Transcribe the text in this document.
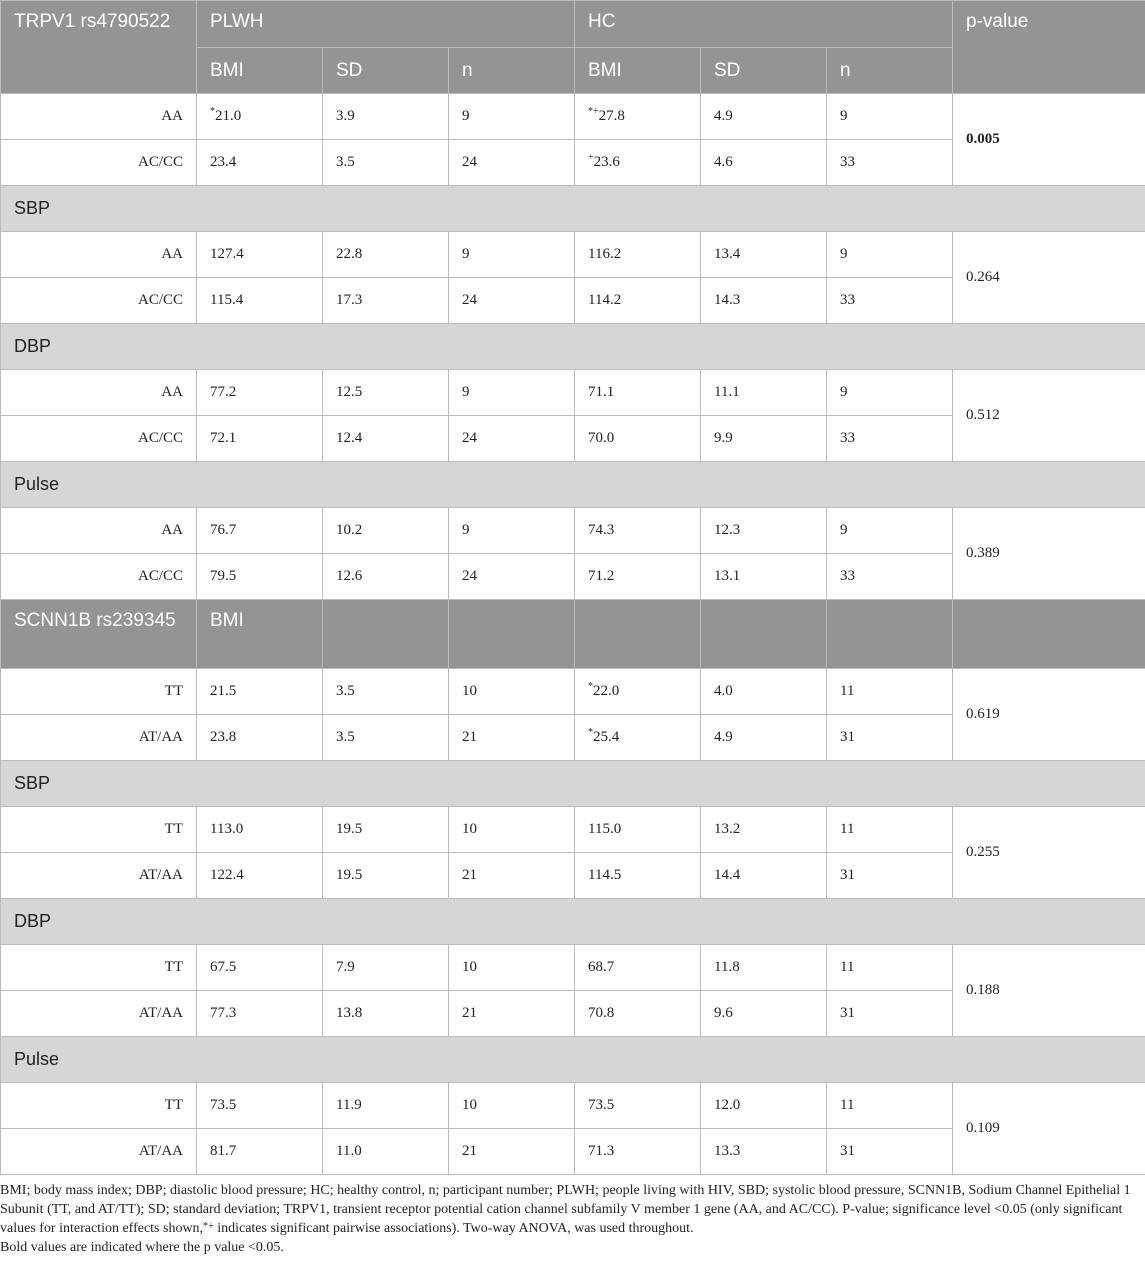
TRPV1 rs4790522	PLWH			HC			p-value
	BMI	SD	n	BMI	SD	n	
AA	*21.0	3.9	9	*+27.8	4.9	9	0.005
AC/CC	23.4	3.5	24	+23.6	4.6	33	
SBP							
AA	127.4	22.8	9	116.2	13.4	9	0.264
AC/CC	115.4	17.3	24	114.2	14.3	33	
DBP							
AA	77.2	12.5	9	71.1	11.1	9	0.512
AC/CC	72.1	12.4	24	70.0	9.9	33	
Pulse							
AA	76.7	10.2	9	74.3	12.3	9	0.389
AC/CC	79.5	12.6	24	71.2	13.1	33	
SCNN1B rs239345	BMI						
TT	21.5	3.5	10	*22.0	4.0	11	0.619
AT/AA	23.8	3.5	21	*25.4	4.9	31	
SBP							
TT	113.0	19.5	10	115.0	13.2	11	0.255
AT/AA	122.4	19.5	21	114.5	14.4	31	
DBP							
TT	67.5	7.9	10	68.7	11.8	11	0.188
AT/AA	77.3	13.8	21	70.8	9.6	31	
Pulse							
TT	73.5	11.9	10	73.5	12.0	11	0.109
AT/AA	81.7	11.0	21	71.3	13.3	31	

BMI; body mass index; DBP; diastolic blood pressure; HC; healthy control, n; participant number; PLWH; people living with HIV, SBD; systolic blood pressure, SCNN1B, Sodium Channel Epithelial 1 Subunit (TT, and AT/TT); SD; standard deviation; TRPV1, transient receptor potential cation channel subfamily V member 1 gene (AA, and AC/CC). P-value; significance level <0.05 (only significant values for interaction effects shown,*+ indicates significant pairwise associations). Two-way ANOVA, was used throughout.

Bold values are indicated where the p value <0.05.
